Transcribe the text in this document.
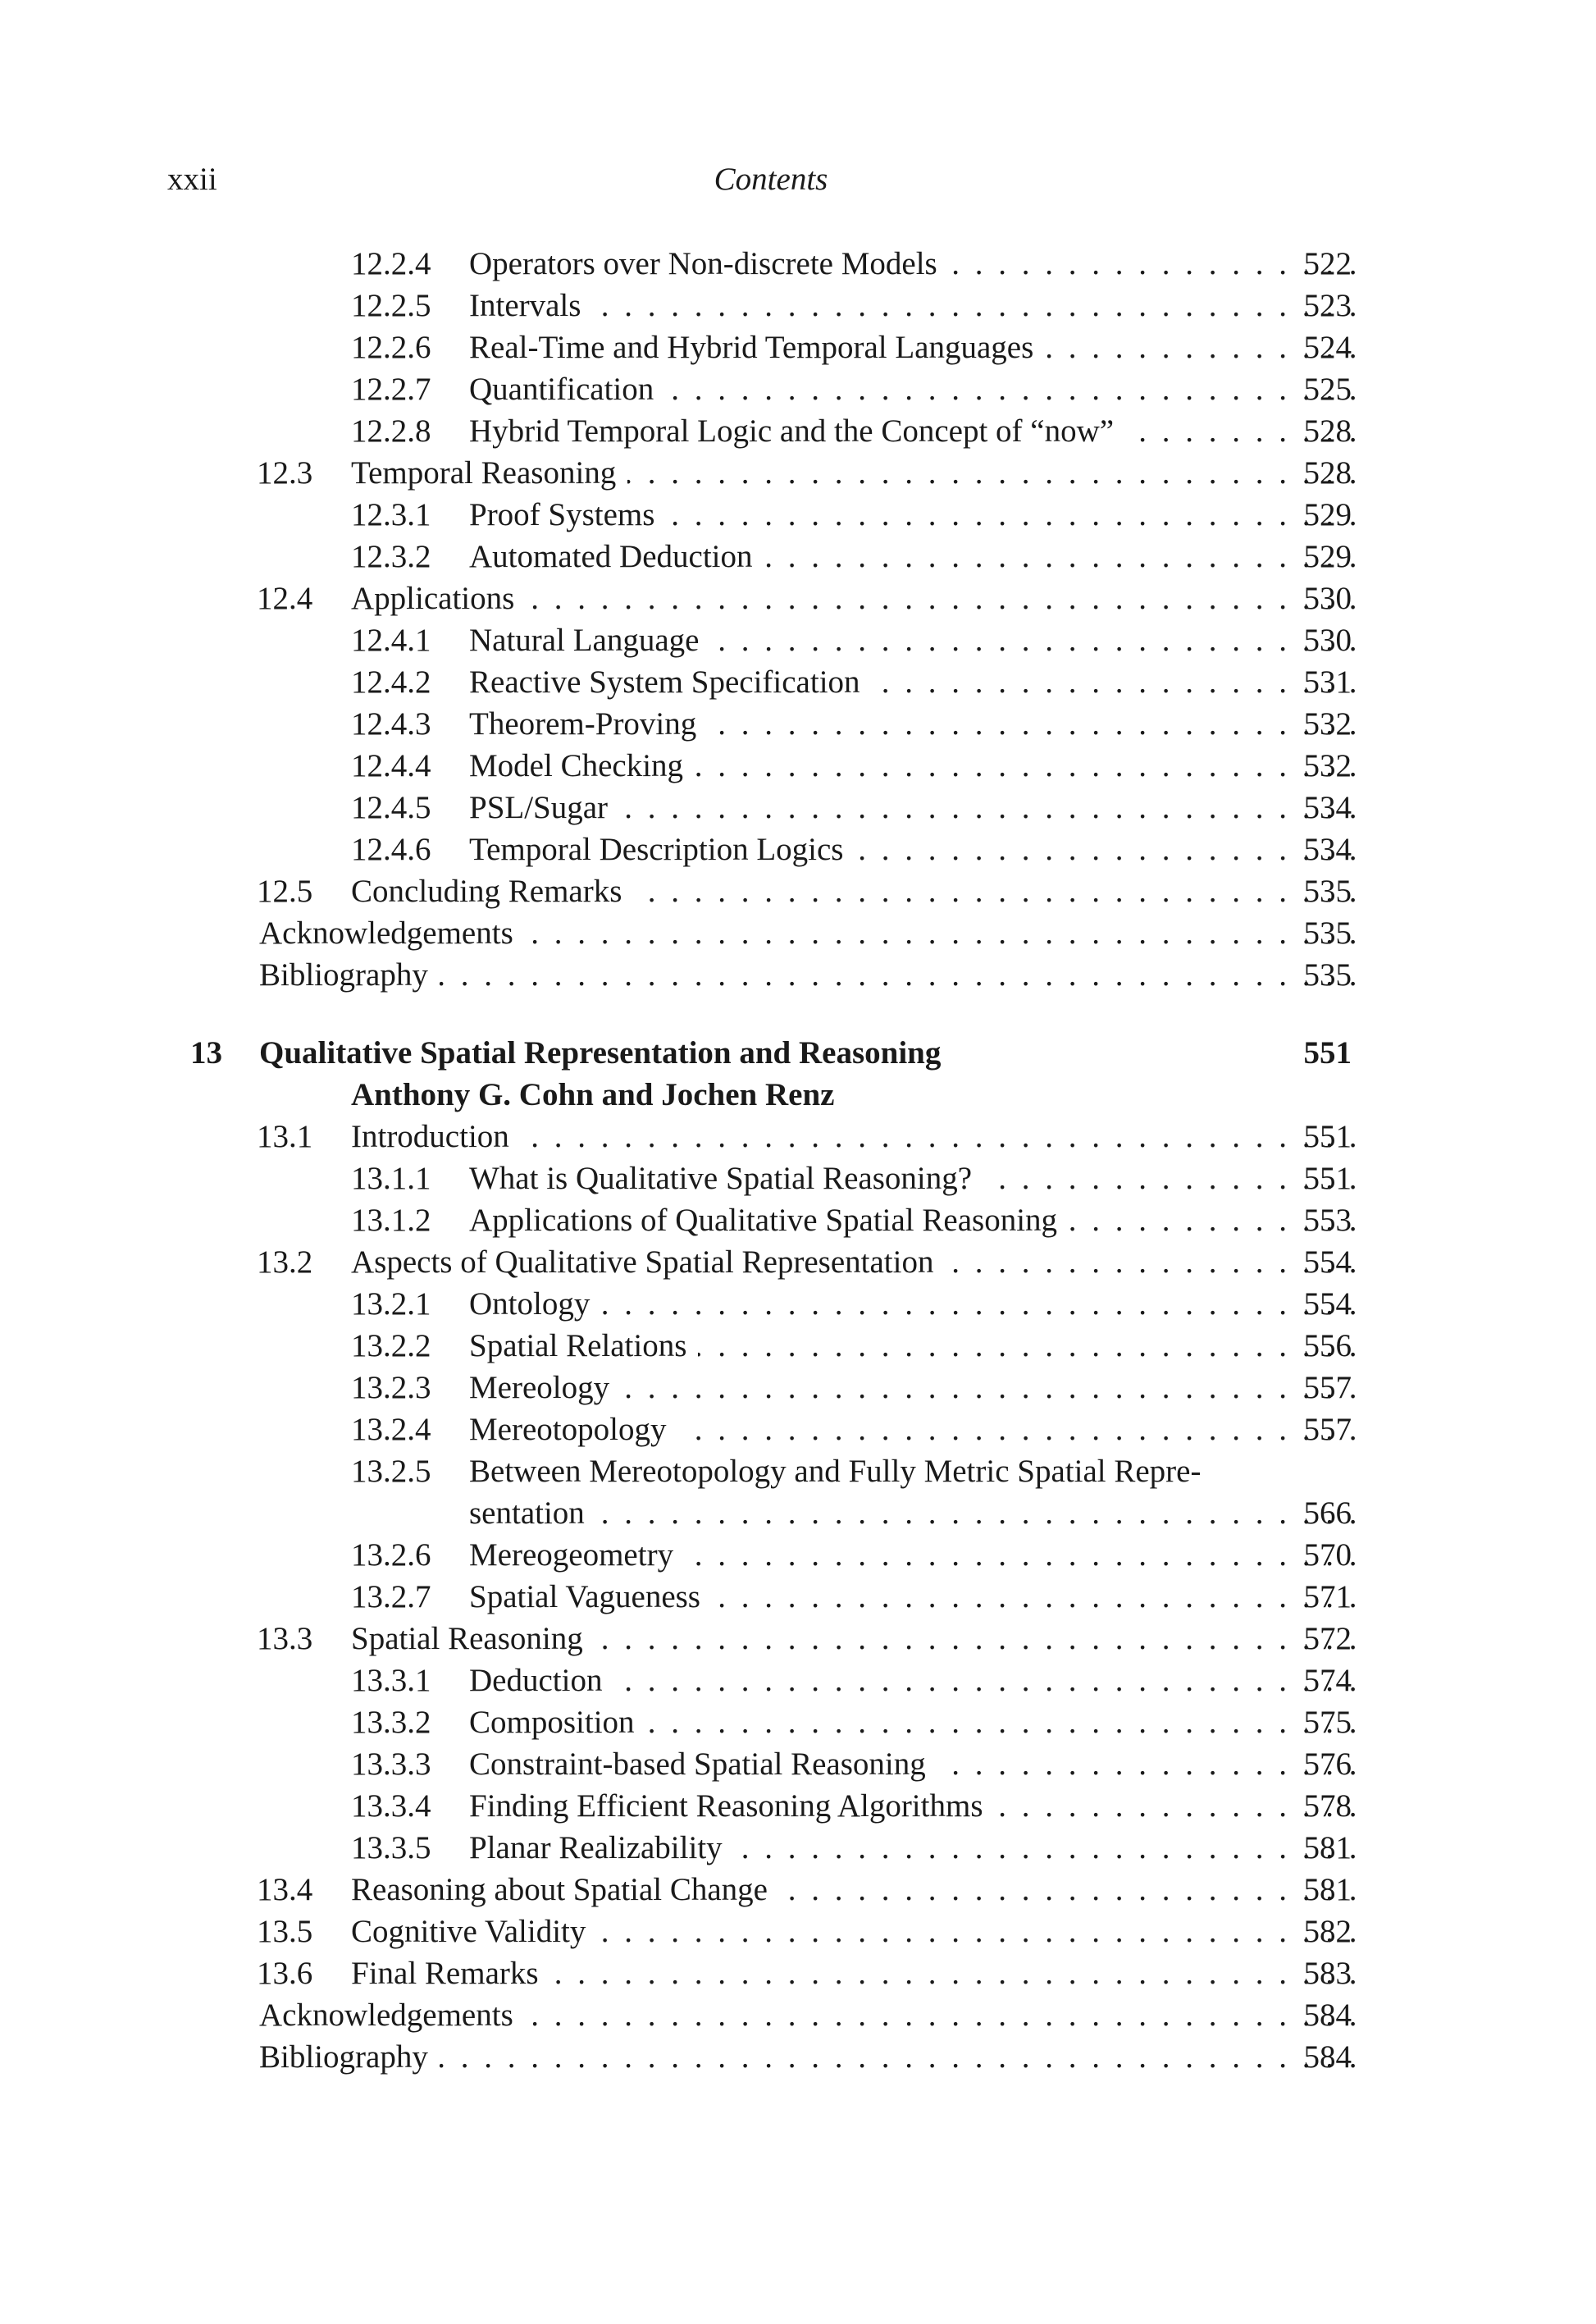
xxii	Contents
12.2.4 Operators over Non-discrete Models . . .	522
12.2.5 Intervals . . .	523
12.2.6 Real-Time and Hybrid Temporal Languages . . .	524
12.2.7 Quantification . . .	525
12.2.8 Hybrid Temporal Logic and the Concept of “now” . . .	528
12.3 Temporal Reasoning . . .	528
12.3.1 Proof Systems . . .	529
12.3.2 Automated Deduction . . .	529
12.4 Applications . . .	530
12.4.1 Natural Language . . .	530
12.4.2 Reactive System Specification . . .	531
12.4.3 Theorem-Proving . . .	532
12.4.4 Model Checking . . .	532
12.4.5 PSL/Sugar . . .	534
12.4.6 Temporal Description Logics . . .	534
12.5 Concluding Remarks . . .	535
Acknowledgements . . .	535
Bibliography . . .	535
13 Qualitative Spatial Representation and Reasoning	551
Anthony G. Cohn and Jochen Renz
13.1 Introduction . . .	551
13.1.1 What is Qualitative Spatial Reasoning? . . .	551
13.1.2 Applications of Qualitative Spatial Reasoning . . .	553
13.2 Aspects of Qualitative Spatial Representation . . .	554
13.2.1 Ontology . . .	554
13.2.2 Spatial Relations . . .	556
13.2.3 Mereology . . .	557
13.2.4 Mereotopology . . .	557
13.2.5 Between Mereotopology and Fully Metric Spatial Repre-
sentation . . .	566
13.2.6 Mereogeometry . . .	570
13.2.7 Spatial Vagueness . . .	571
13.3 Spatial Reasoning . . .	572
13.3.1 Deduction . . .	574
13.3.2 Composition . . .	575
13.3.3 Constraint-based Spatial Reasoning . . .	576
13.3.4 Finding Efficient Reasoning Algorithms . . .	578
13.3.5 Planar Realizability . . .	581
13.4 Reasoning about Spatial Change . . .	581
13.5 Cognitive Validity . . .	582
13.6 Final Remarks . . .	583
Acknowledgements . . .	584
Bibliography . . .	584
